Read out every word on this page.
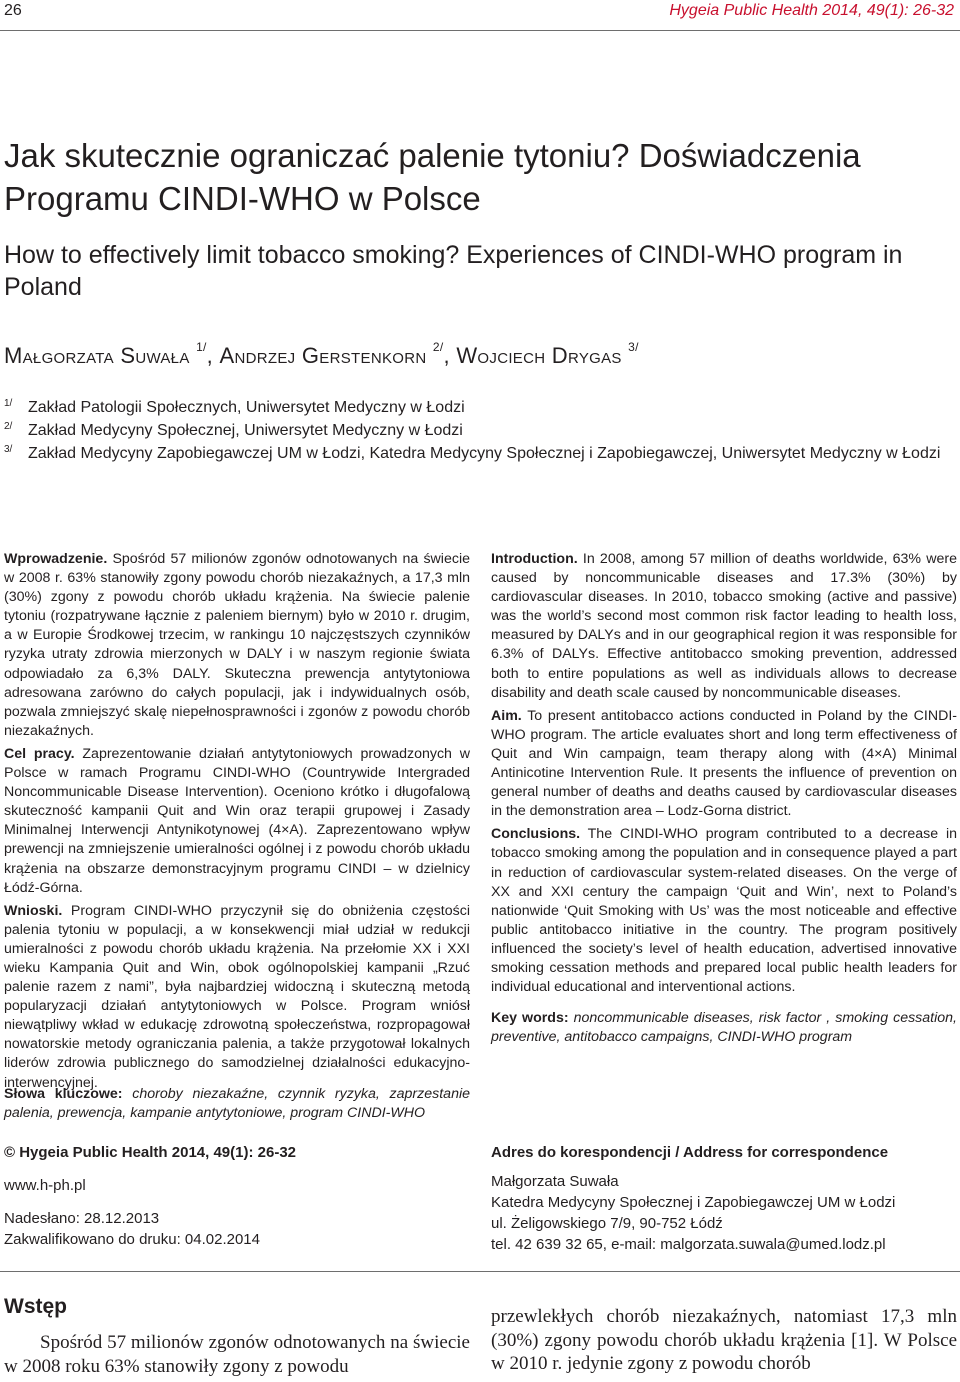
26	Hygeia Public Health 2014, 49(1): 26-32
Jak skutecznie ograniczać palenie tytoniu? Doświadczenia Programu CINDI-WHO w Polsce
How to effectively limit tobacco smoking? Experiences of CINDI-WHO program in Poland
Małgorzata Suwała $^{1/}$, Andrzej Gerstenkorn $^{2/}$, Wojciech Drygas $^{3/}$
1/ Zakład Patologii Społecznych, Uniwersytet Medyczny w Łodzi
2/ Zakład Medycyny Społecznej, Uniwersytet Medyczny w Łodzi
3/ Zakład Medycyny Zapobiegawczej UM w Łodzi, Katedra Medycyny Społecznej i Zapobiegawczej, Uniwersytet Medyczny w Łodzi

Wprowadzenie. Spośród 57 milionów zgonów odnotowanych na świecie w 2008 r. 63% stanowiły zgony powodu chorób niezakaźnych, a 17,3 mln (30%) zgony z powodu chorób układu krążenia. Na świecie palenie tytoniu (rozpatrywane łącznie z paleniem biernym) było w 2010 r. drugim, a w Europie Środkowej trzecim, w rankingu 10 najczęstszych czynników ryzyka utraty zdrowia mierzonych w DALY i w naszym regionie świata odpowiadało za 6,3% DALY. Skuteczna prewencja antytytoniowa adresowana zarówno do całych populacji, jak i indywidualnych osób, pozwala zmniejszyć skalę niepełnosprawności i zgonów z powodu chorób niezakaźnych.

Cel pracy. Zaprezentowanie działań antytytoniowych prowadzonych w Polsce w ramach Programu CINDI-WHO (Countrywide Intergraded Noncommunicable Disease Intervention). Oceniono krótko i długofalową skuteczność kampanii Quit and Win oraz terapii grupowej i Zasady Minimalnej Interwencji Antynikotynowej (4×A). Zaprezentowano wpływ prewencji na zmniejszenie umieralności ogólnej i z powodu chorób układu krążenia na obszarze demonstracyjnym programu CINDI – w dzielnicy Łódź-Górna.

Wnioski. Program CINDI-WHO przyczynił się do obniżenia częstości palenia tytoniu w populacji, a w konsekwencji miał udział w redukcji umieralności z powodu chorób układu krążenia. Na przełomie XX i XXI wieku Kampania Quit and Win, obok ogólnopolskiej kampanii „Rzuć palenie razem z nami”, była najbardziej widoczną i skuteczną metodą popularyzacji działań antytytoniowych w Polsce. Program wniósł niewątpliwy wkład w edukację zdrowotną społeczeństwa, rozpropagował nowatorskie metody ograniczania palenia, a także przygotował lokalnych liderów zdrowia publicznego do samodzielnej działalności edukacyjno-interwencyjnej.

Słowa kluczowe: choroby niezakaźne, czynnik ryzyka, zaprzestanie palenia, prewencja, kampanie antytytoniowe, program CINDI-WHO

Introduction. In 2008, among 57 million of deaths worldwide, 63% were caused by noncommunicable diseases and 17.3% (30%) by cardiovascular diseases. In 2010, tobacco smoking (active and passive) was the world’s second most common risk factor leading to health loss, measured by DALYs and in our geographical region it was responsible for 6.3% of DALYs. Effective antitobacco smoking prevention, addressed both to entire populations as well as individuals allows to decrease disability and death scale caused by noncommunicable diseases.

Aim. To present antitobacco actions conducted in Poland by the CINDI-WHO program. The article evaluates short and long term effectiveness of Quit and Win campaign, team therapy along with (4×A) Minimal Antinicotine Intervention Rule. It presents the influence of prevention on general number of deaths and deaths caused by cardiovascular diseases in the demonstration area – Lodz-Gorna district.

Conclusions. The CINDI-WHO program contributed to a decrease in tobacco smoking among the population and in consequence played a part in reduction of cardiovascular system-related diseases. On the verge of XX and XXI century the campaign ‘Quit and Win’, next to Poland’s nationwide ‘Quit Smoking with Us’ was the most noticeable and effective public antitobacco initiative in the country. The program positively influenced the society’s level of health education, advertised innovative smoking cessation methods and prepared local public health leaders for individual educational and interventional actions.

Key words: noncommunicable diseases, risk factor , smoking cessation, preventive, antitobacco campaigns, CINDI-WHO program

© Hygeia Public Health 2014, 49(1): 26-32
www.h-ph.pl
Nadesłano: 28.12.2013
Zakwalifikowano do druku: 04.02.2014
Adres do korespondencji / Address for correspondence
Małgorzata Suwała
Katedra Medycyny Społecznej i Zapobiegawczej UM w Łodzi
ul. Żeligowskiego 7/9, 90-752 Łódź
tel. 42 639 32 65, e-mail: malgorzata.suwala@umed.lodz.pl
Wstęp
Spośród 57 milionów zgonów odnotowanych na świecie w 2008 roku 63% stanowiły zgony z powodu
przewlekłych chorób niezakaźnych, natomiast 17,3 mln (30%) zgony powodu chorób układu krążenia [1]. W Polsce w 2010 r. jedynie zgony z powodu chorób
